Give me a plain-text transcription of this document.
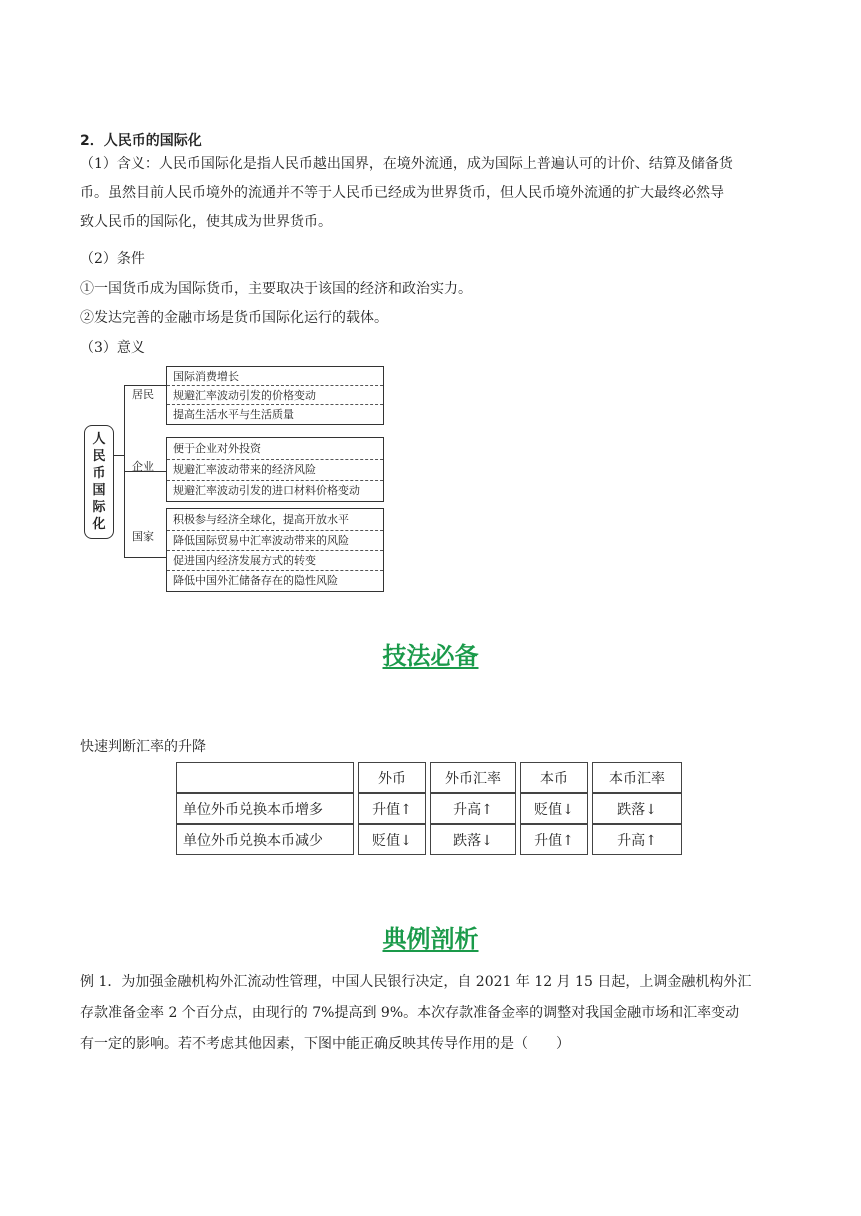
2．人民币的国际化
（1）含义：人民币国际化是指人民币越出国界，在境外流通，成为国际上普遍认可的计价、结算及储备货
币。虽然目前人民币境外的流通并不等于人民币已经成为世界货币，但人民币境外流通的扩大最终必然导
致人民币的国际化，使其成为世界货币。
（2）条件
①一国货币成为国际货币，主要取决于该国的经济和政治实力。
②发达完善的金融市场是货币国际化运行的载体。
（3）意义
人
民
币
国
际
化
居民
国际消费增长
规避汇率波动引发的价格变动
提高生活水平与生活质量
企业
便于企业对外投资
规避汇率波动带来的经济风险
规避汇率波动引发的进口材料价格变动
国家
积极参与经济全球化，提高开放水平
降低国际贸易中汇率波动带来的风险
促进国内经济发展方式的转变
降低中国外汇储备存在的隐性风险
技法必备
快速判断汇率的升降
		外币		外币汇率		本币		本币汇率
单位外币兑换本币增多		升值↑		升高↑		贬值↓		跌落↓
单位外币兑换本币减少		贬值↓		跌落↓		升值↑		升高↑
典例剖析
例 1．为加强金融机构外汇流动性管理，中国人民银行决定，自 2021 年 12 月 15 日起，上调金融机构外汇
存款准备金率 2 个百分点，由现行的 7%提高到 9%。本次存款准备金率的调整对我国金融市场和汇率变动
有一定的影响。若不考虑其他因素，下图中能正确反映其传导作用的是（　　）
